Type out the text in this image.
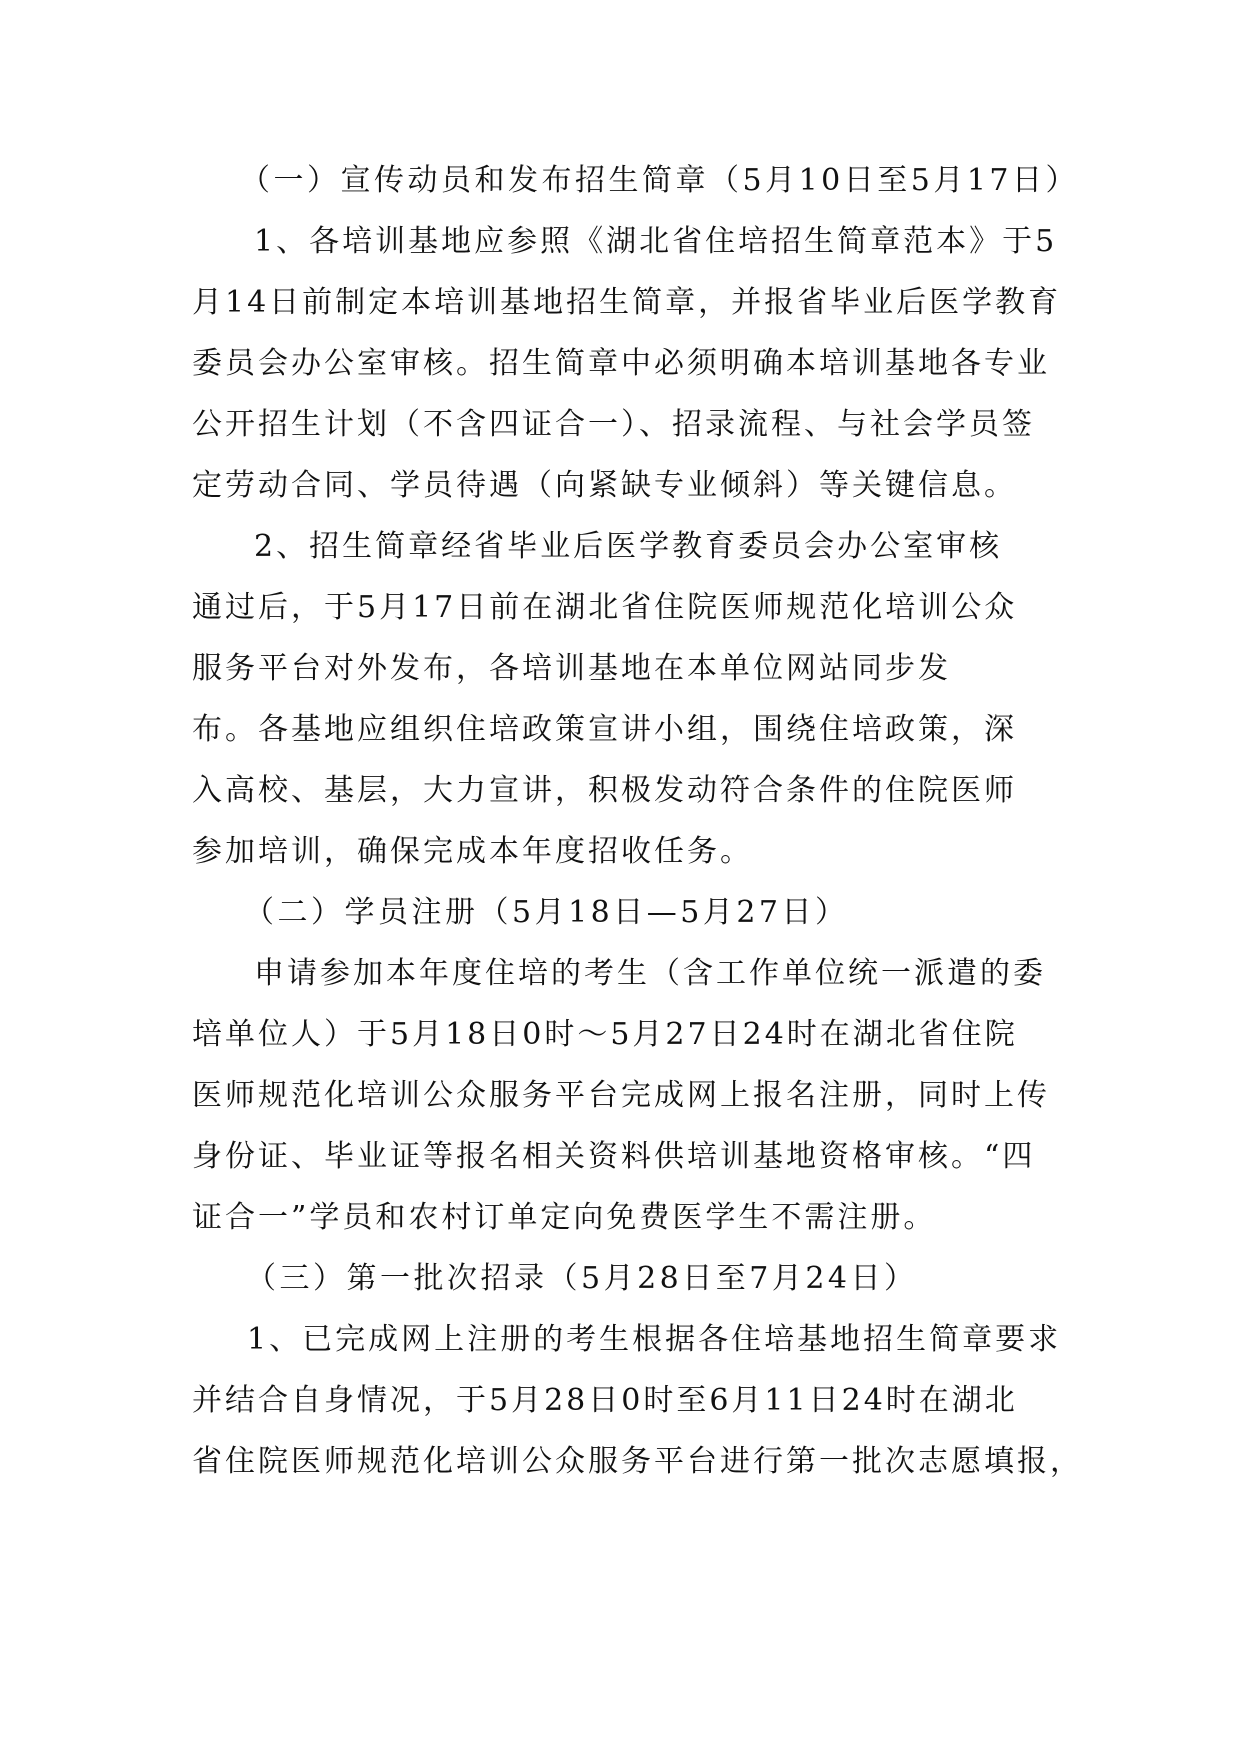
（一）宣传动员和发布招生简章（5月10日至5月17日）
1、各培训基地应参照《湖北省住培招生简章范本》于5
月14日前制定本培训基地招生简章，并报省毕业后医学教育
委员会办公室审核。招生简章中必须明确本培训基地各专业
公开招生计划（不含四证合一）、招录流程、与社会学员签
定劳动合同、学员待遇（向紧缺专业倾斜）等关键信息。
2、招生简章经省毕业后医学教育委员会办公室审核
通过后，于5月17日前在湖北省住院医师规范化培训公众
服务平台对外发布，各培训基地在本单位网站同步发
布。各基地应组织住培政策宣讲小组，围绕住培政策，深
入高校、基层，大力宣讲，积极发动符合条件的住院医师
参加培训，确保完成本年度招收任务。
（二）学员注册（5月18日—5月27日）
申请参加本年度住培的考生（含工作单位统一派遣的委
培单位人）于5月18日0时～5月27日24时在湖北省住院
医师规范化培训公众服务平台完成网上报名注册，同时上传
身份证、毕业证等报名相关资料供培训基地资格审核。“四
证合一”学员和农村订单定向免费医学生不需注册。
（三）第一批次招录（5月28日至7月24日）
1、已完成网上注册的考生根据各住培基地招生简章要求
并结合自身情况，于5月28日0时至6月11日24时在湖北
省住院医师规范化培训公众服务平台进行第一批次志愿填报，
